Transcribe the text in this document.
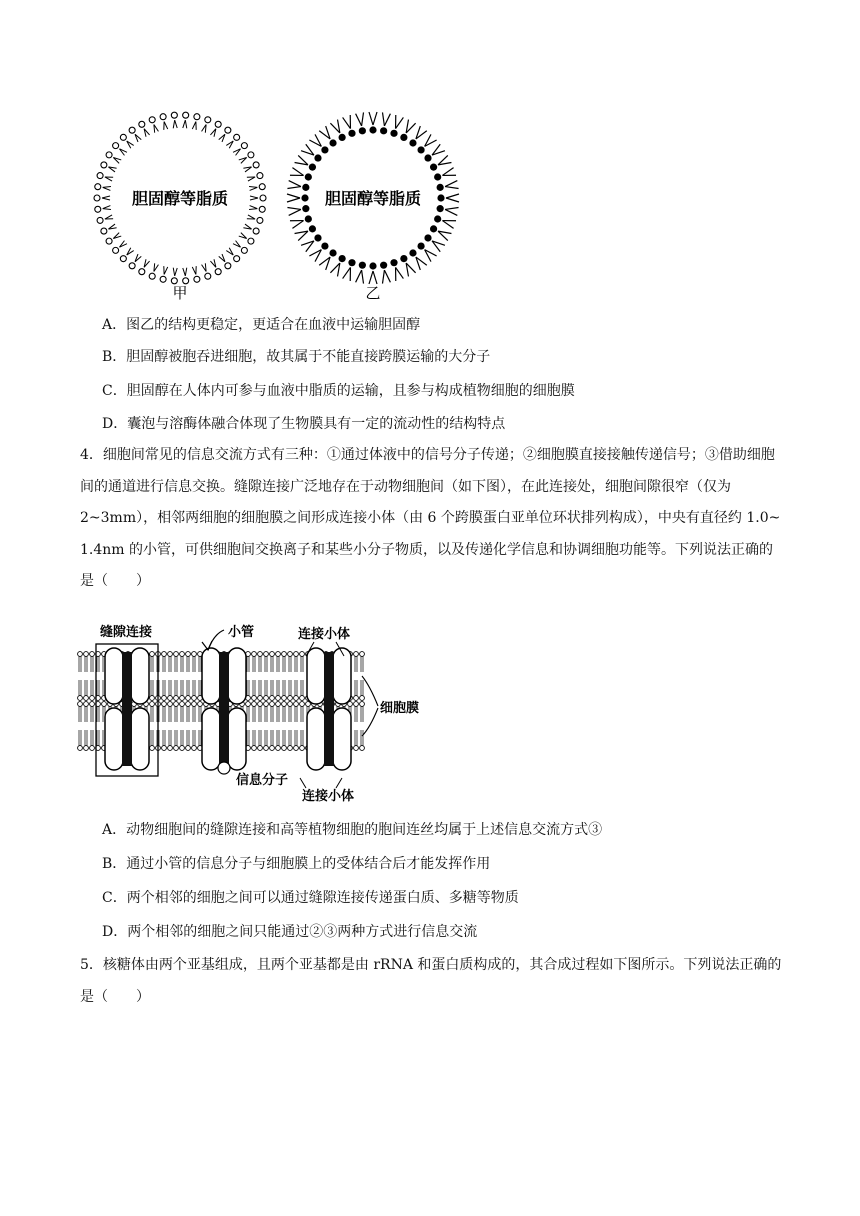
胆固醇等脂质	胆固醇等脂质
甲	乙
A．图乙的结构更稳定，更适合在血液中运输胆固醇
B．胆固醇被胞吞进细胞，故其属于不能直接跨膜运输的大分子
C．胆固醇在人体内可参与血液中脂质的运输，且参与构成植物细胞的细胞膜
D．囊泡与溶酶体融合体现了生物膜具有一定的流动性的结构特点
4．细胞间常见的信息交流方式有三种：①通过体液中的信号分子传递；②细胞膜直接接触传递信号；③借助细胞间的通道进行信息交换。缝隙连接广泛地存在于动物细胞间（如下图），在此连接处，细胞间隙很窄（仅为 2~3mm），相邻两细胞的细胞膜之间形成连接小体（由 6 个跨膜蛋白亚单位环状排列构成），中央有直径约 1.0~ 1.4nm 的小管，可供细胞间交换离子和某些小分子物质，以及传递化学信息和协调细胞功能等。下列说法正确的是（　　）
缝隙连接	小管	连接小体
细胞膜
信息分子
连接小体
A．动物细胞间的缝隙连接和高等植物细胞的胞间连丝均属于上述信息交流方式③
B．通过小管的信息分子与细胞膜上的受体结合后才能发挥作用
C．两个相邻的细胞之间可以通过缝隙连接传递蛋白质、多糖等物质
D．两个相邻的细胞之间只能通过②③两种方式进行信息交流
5．核糖体由两个亚基组成，且两个亚基都是由 rRNA 和蛋白质构成的，其合成过程如下图所示。下列说法正确的是（　　）
